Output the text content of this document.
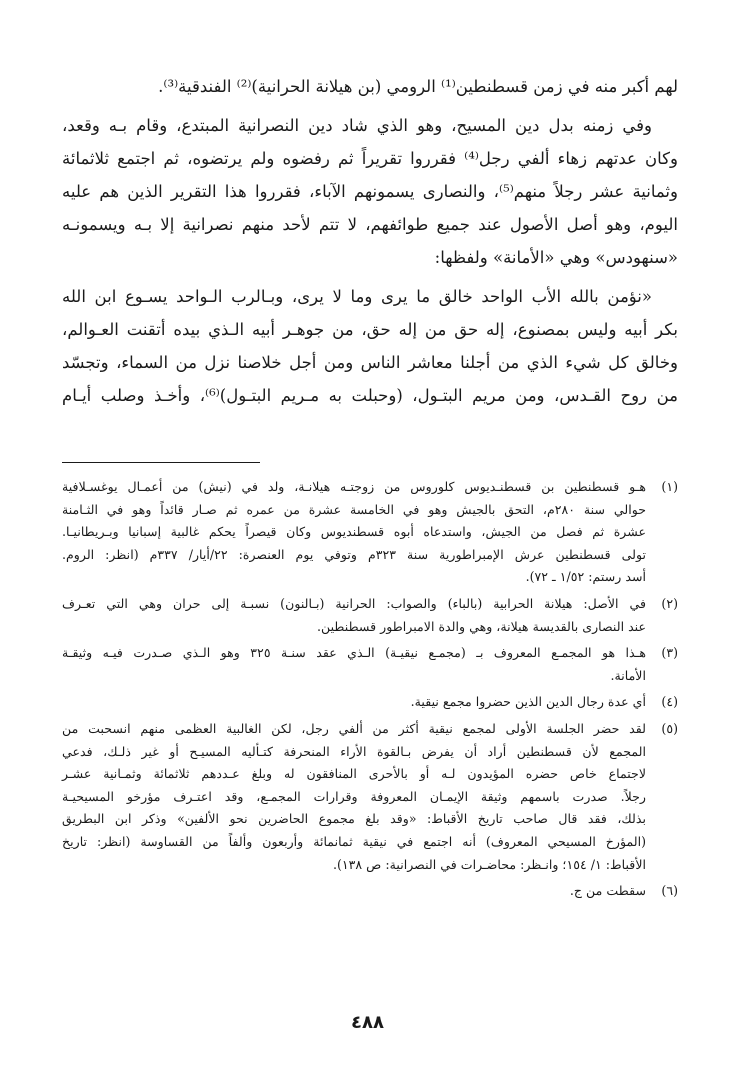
لهم أكبر منه في زمن قسطنطين⁽¹⁾ الرومي (بن هيلانة الحرانية)⁽²⁾ الفندقية⁽³⁾.

وفي زمنه بدل دين المسيح، وهو الذي شاد دين النصرانية المبتدع، وقام بـه وقعد،
وكان عدتهم زهاء ألفي رجل⁽⁴⁾ فقرروا تقريراً ثم رفضوه ولم يرتضوه، ثم اجتمع ثلاثمائة
وثمانية عشر رجلاً منهم⁽⁵⁾، والنصارى يسمونهم الآباء، فقرروا هذا التقرير الذين هم عليه
اليوم، وهو أصل الأصول عند جميع طوائفهم، لا تتم لأحد منهم نصرانية إلا بـه ويسمونـه
«سنهودس» وهي «الأمانة» ولفظها:

«نؤمن بالله الأب الواحد خالق ما يرى وما لا يرى، وبـالرب الـواحد يسـوع ابن الله
بكر أبيه وليس بمصنوع، إله حق من إله حق، من جوهـر أبيه الـذي بيده أتقنت العـوالم،
وخالق كل شيء الذي من أجلنا معاشر الناس ومن أجل خلاصنا نزل من السماء، وتجسّد
من روح القـدس، ومن مريم البتـول، (وحبلت به مـريم البتـول)⁽⁶⁾، وأخـذ وصلب أيـام

(١)
هـو قسطنطين بن قسطنـديوس كلوروس من زوجتـه هيلانـة، ولد في (نيش) من أعمـال يوغسـلافية
حوالي سنة ٢٨٠م، التحق بالجيش وهو في الخامسة عشرة من عمره ثم صـار قائداً وهو في الثـامنة
عشرة ثم فصل من الجيش، واستدعاه أبوه قسطنديوس وكان قيصراً يحكم غالبية إسبانيا وبـريطانيـا.
تولى قسطنطين عرش الإمبراطورية سنة ٣٢٣م وتوفي يوم العنصرة: ٢٢/أيار/ ٣٣٧م (انظر: الروم.
أسد رستم: ١/٥٢ ـ ٧٢).
(٢)
في الأصل: هيلانة الحرابية (بالباء) والصواب: الحرانية (بـالنون) نسبـة إلى حران وهي التي تعـرف
عند النصارى بالقديسة هيلانة، وهي والدة الامبراطور قسطنطين.
(٣)
هـذا هو المجمـع المعروف بـ (مجمـع نيقيـة) الـذي عقد سنـة ٣٢٥ وهو الـذي صـدرت فيـه وثيقـة
الأمانة.
(٤)
أي عدة رجال الدين الذين حضروا مجمع نيقية.
(٥)
لقد حضر الجلسة الأولى لمجمع نيقية أكثر من ألفي رجل، لكن الغالبية العظمى منهم انسحبت من
المجمع لأن قسطنطين أراد أن يفرض بـالقوة الأراء المنحرفة كتـأليه المسيـح أو غير ذلـك، فدعي
لاجتماع خاص حضره المؤيدون لـه أو بالأحرى المنافقون له وبلغ عـددهم ثلاثمائة وثمـانية عشـر
رجلاً. صدرت باسمهم وثيقة الإيمـان المعروفة وقرارات المجمـع، وقد اعتـرف مؤرخو المسيحيـة
بذلك، فقد قال صاحب تاريخ الأقباط: «وقد بلغ مجموع الحاضرين نحو الألفين» وذكر ابن البطريق
(المؤرخ المسيحي المعروف) أنه اجتمع في نيقية ثمانمائة وأربعون وألفاً من القساوسة (انظر: تاريخ
الأقباط: ١/ ١٥٤؛ وانـظر: محاضـرات في النصرانية: ص ١٣٨).
(٦)
سقطت من ج.
٤٨٨
